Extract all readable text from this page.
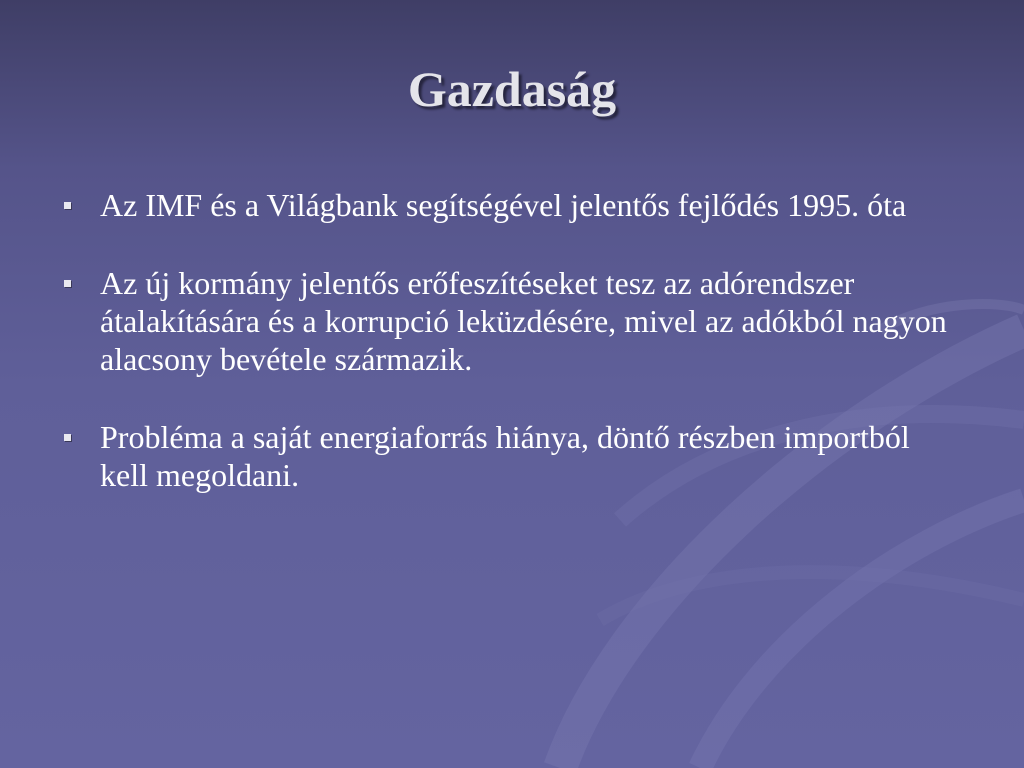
Gazdaság
Az IMF és a Világbank segítségével jelentős fejlődés 1995. óta
Az új kormány jelentős erőfeszítéseket tesz az adórendszer átalakítására és a korrupció leküzdésére, mivel az adókból nagyon alacsony bevétele származik.
Probléma a saját energiaforrás hiánya, döntő részben importból kell megoldani.
